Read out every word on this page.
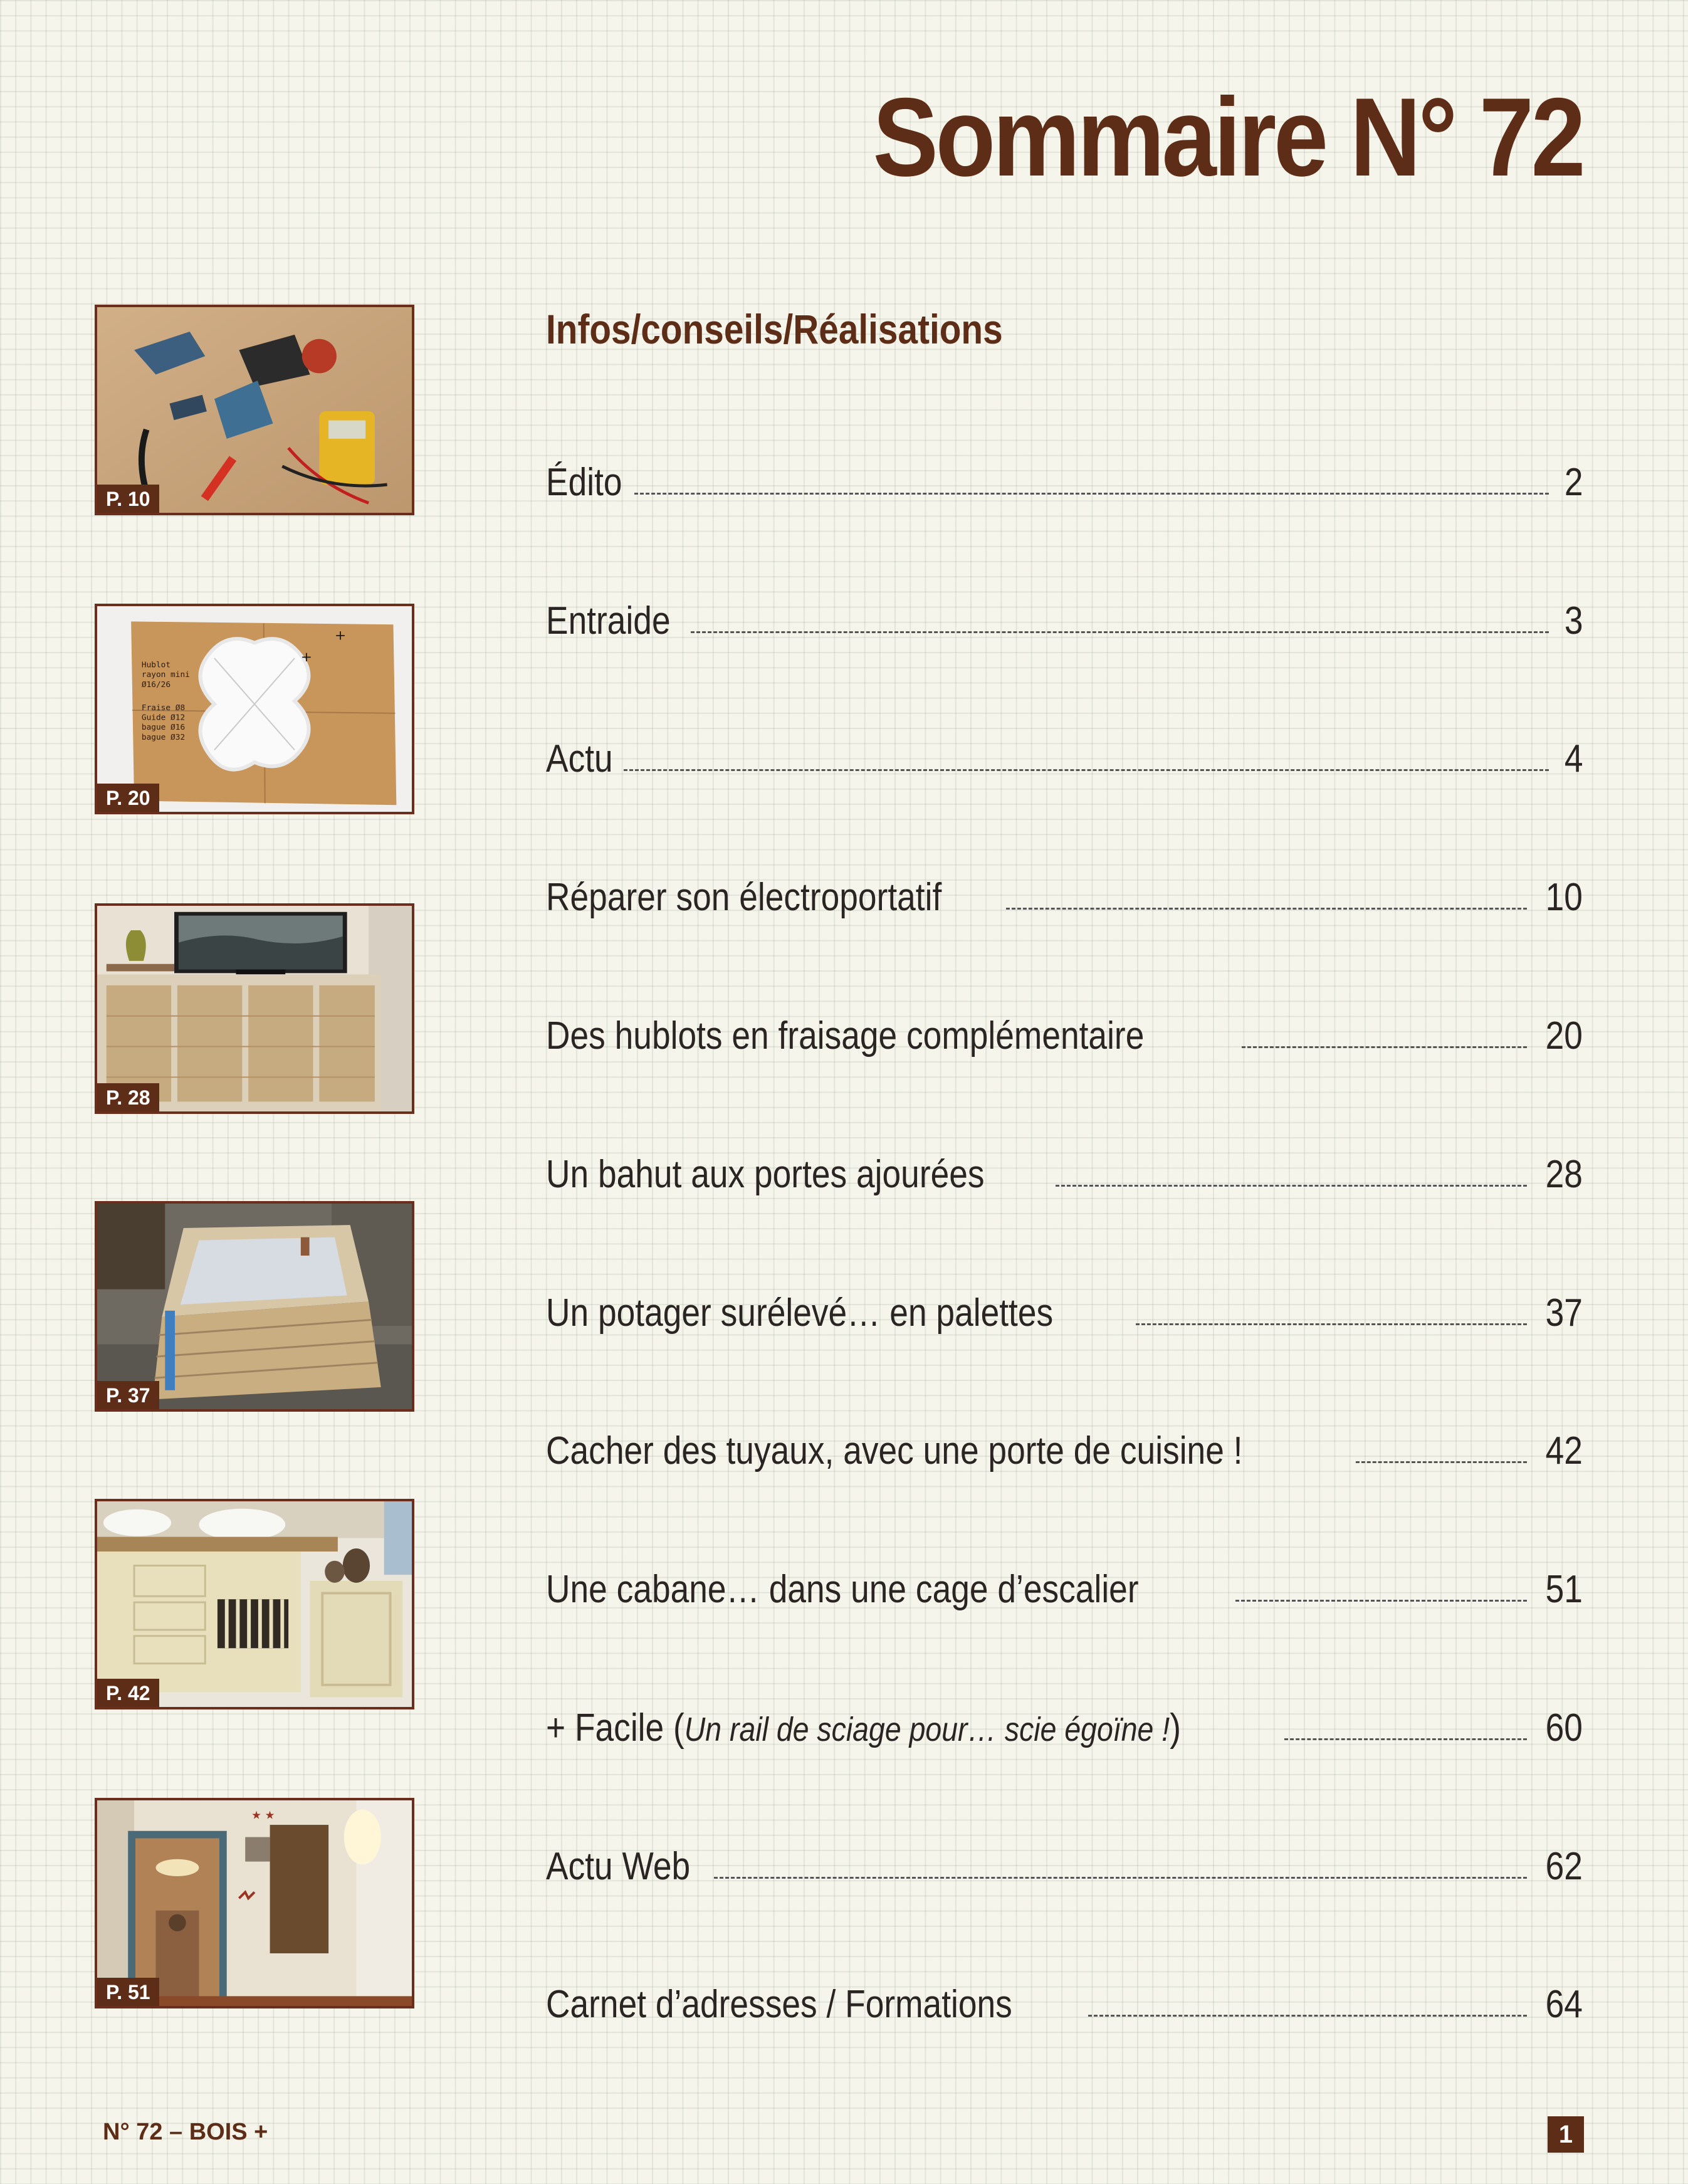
Sommaire N° 72
Infos/conseils/Réalisations
Édito	2
Entraide	3
Actu	4
Réparer son électroportatif	10
Des hublots en fraisage complémentaire	20
Un bahut aux portes ajourées	28
Un potager surélevé… en palettes	37
Cacher des tuyaux, avec une porte de cuisine !	42
Une cabane… dans une cage d’escalier	51
+ Facile (Un rail de sciage pour… scie égoïne !)	60
Actu Web	62
Carnet d’adresses / Formations	64
P. 10
+
+
Hublot
rayon mini
Ø16/26
Fraise Ø8
Guide Ø12
bague Ø16
bague Ø32
P. 20
P. 28
P. 37
P. 42
★ ★
P. 51
N° 72 – BOIS +	1
